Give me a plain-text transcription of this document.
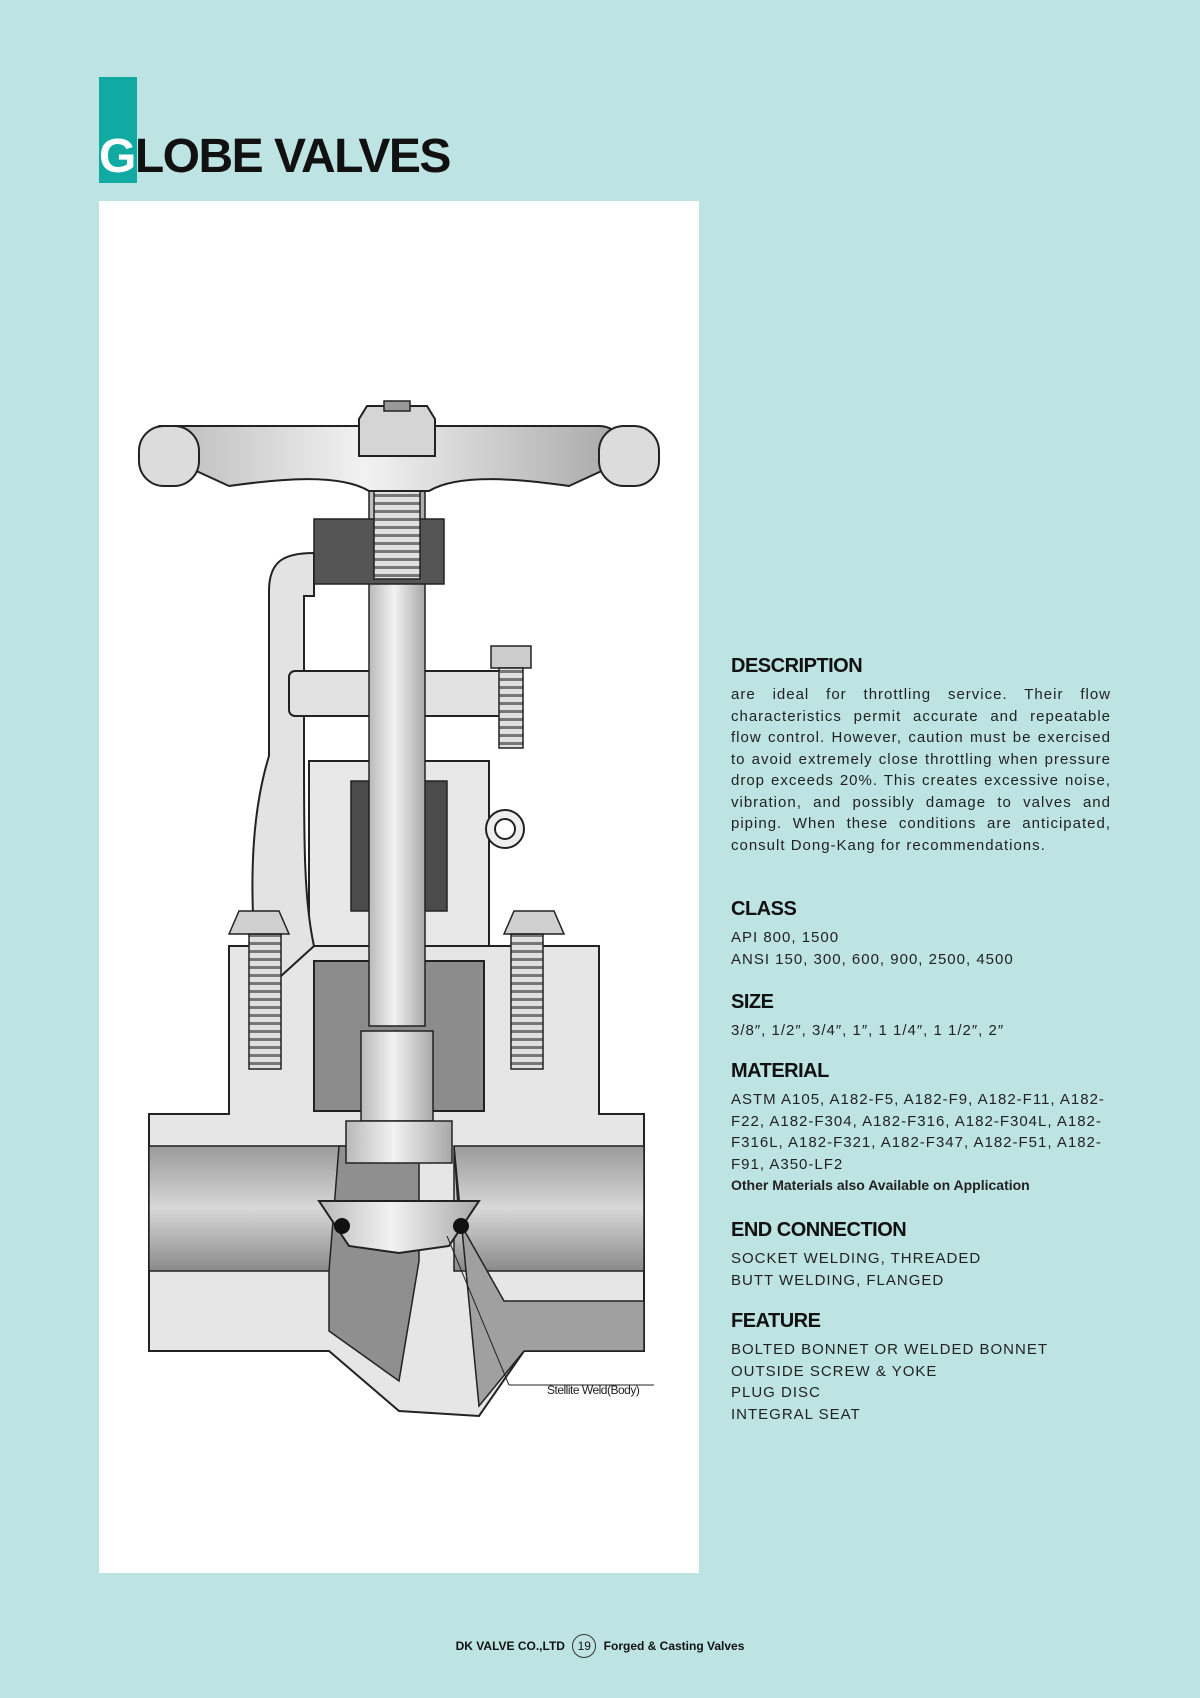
GLOBE VALVES
Stellite Weld(Body)
DESCRIPTION
are ideal for throttling service. Their flow characteristics permit accurate and repeatable flow control. However, caution must be exercised to avoid extremely close throttling when pressure drop exceeds 20%. This creates excessive noise, vibration, and possibly damage to valves and piping. When these conditions are anticipated, consult Dong-Kang for recommendations.
CLASS
API 800, 1500
ANSI 150, 300, 600, 900, 2500, 4500
SIZE
3/8″, 1/2″, 3/4″, 1″, 1 1/4″, 1 1/2″, 2″
MATERIAL
ASTM A105, A182-F5, A182-F9, A182-F11, A182-F22, A182-F304, A182-F316, A182-F304L, A182-F316L, A182-F321, A182-F347, A182-F51, A182-F91, A350-LF2
Other Materials also Available on Application
END CONNECTION
SOCKET WELDING, THREADED
BUTT WELDING, FLANGED
FEATURE
BOLTED BONNET OR WELDED BONNET
OUTSIDE SCREW & YOKE
PLUG DISC
INTEGRAL SEAT
DK VALVE CO.,LTD 19 Forged & Casting Valves
